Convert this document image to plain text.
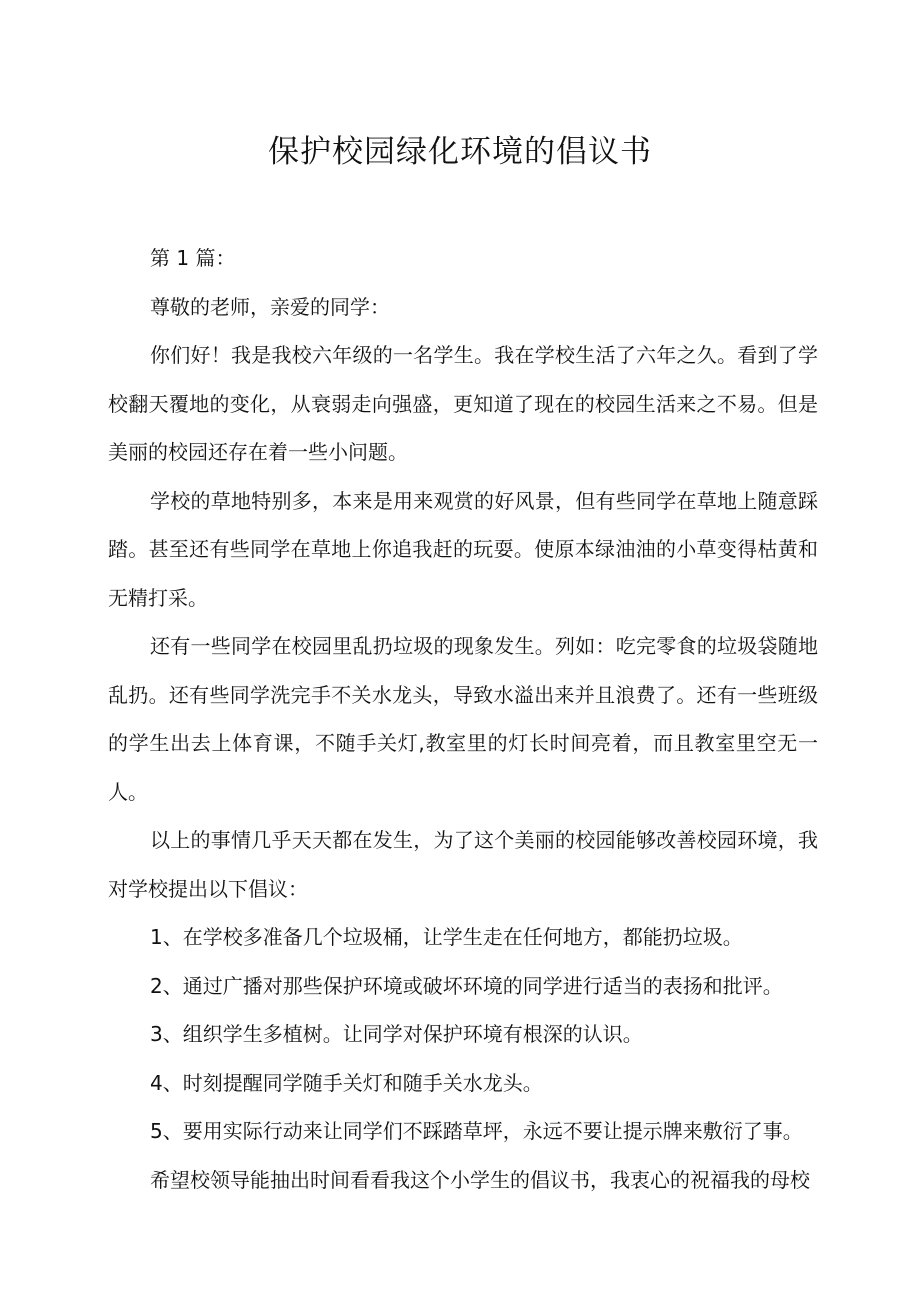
保护校园绿化环境的倡议书

第 1 篇：

尊敬的老师，亲爱的同学：

你们好！我是我校六年级的一名学生。我在学校生活了六年之久。看到了学校翻天覆地的变化，从衰弱走向强盛，更知道了现在的校园生活来之不易。但是美丽的校园还存在着一些小问题。

学校的草地特别多，本来是用来观赏的好风景，但有些同学在草地上随意踩踏。甚至还有些同学在草地上你追我赶的玩耍。使原本绿油油的小草变得枯黄和无精打采。

还有一些同学在校园里乱扔垃圾的现象发生。列如：吃完零食的垃圾袋随地乱扔。还有些同学洗完手不关水龙头，导致水溢出来并且浪费了。还有一些班级的学生出去上体育课，不随手关灯,教室里的灯长时间亮着，而且教室里空无一人。

以上的事情几乎天天都在发生，为了这个美丽的校园能够改善校园环境，我对学校提出以下倡议：

1、在学校多准备几个垃圾桶，让学生走在任何地方，都能扔垃圾。

2、通过广播对那些保护环境或破坏环境的同学进行适当的表扬和批评。

3、组织学生多植树。让同学对保护环境有根深的认识。

4、时刻提醒同学随手关灯和随手关水龙头。

5、要用实际行动来让同学们不踩踏草坪，永远不要让提示牌来敷衍了事。

希望校领导能抽出时间看看我这个小学生的倡议书，我衷心的祝福我的母校
